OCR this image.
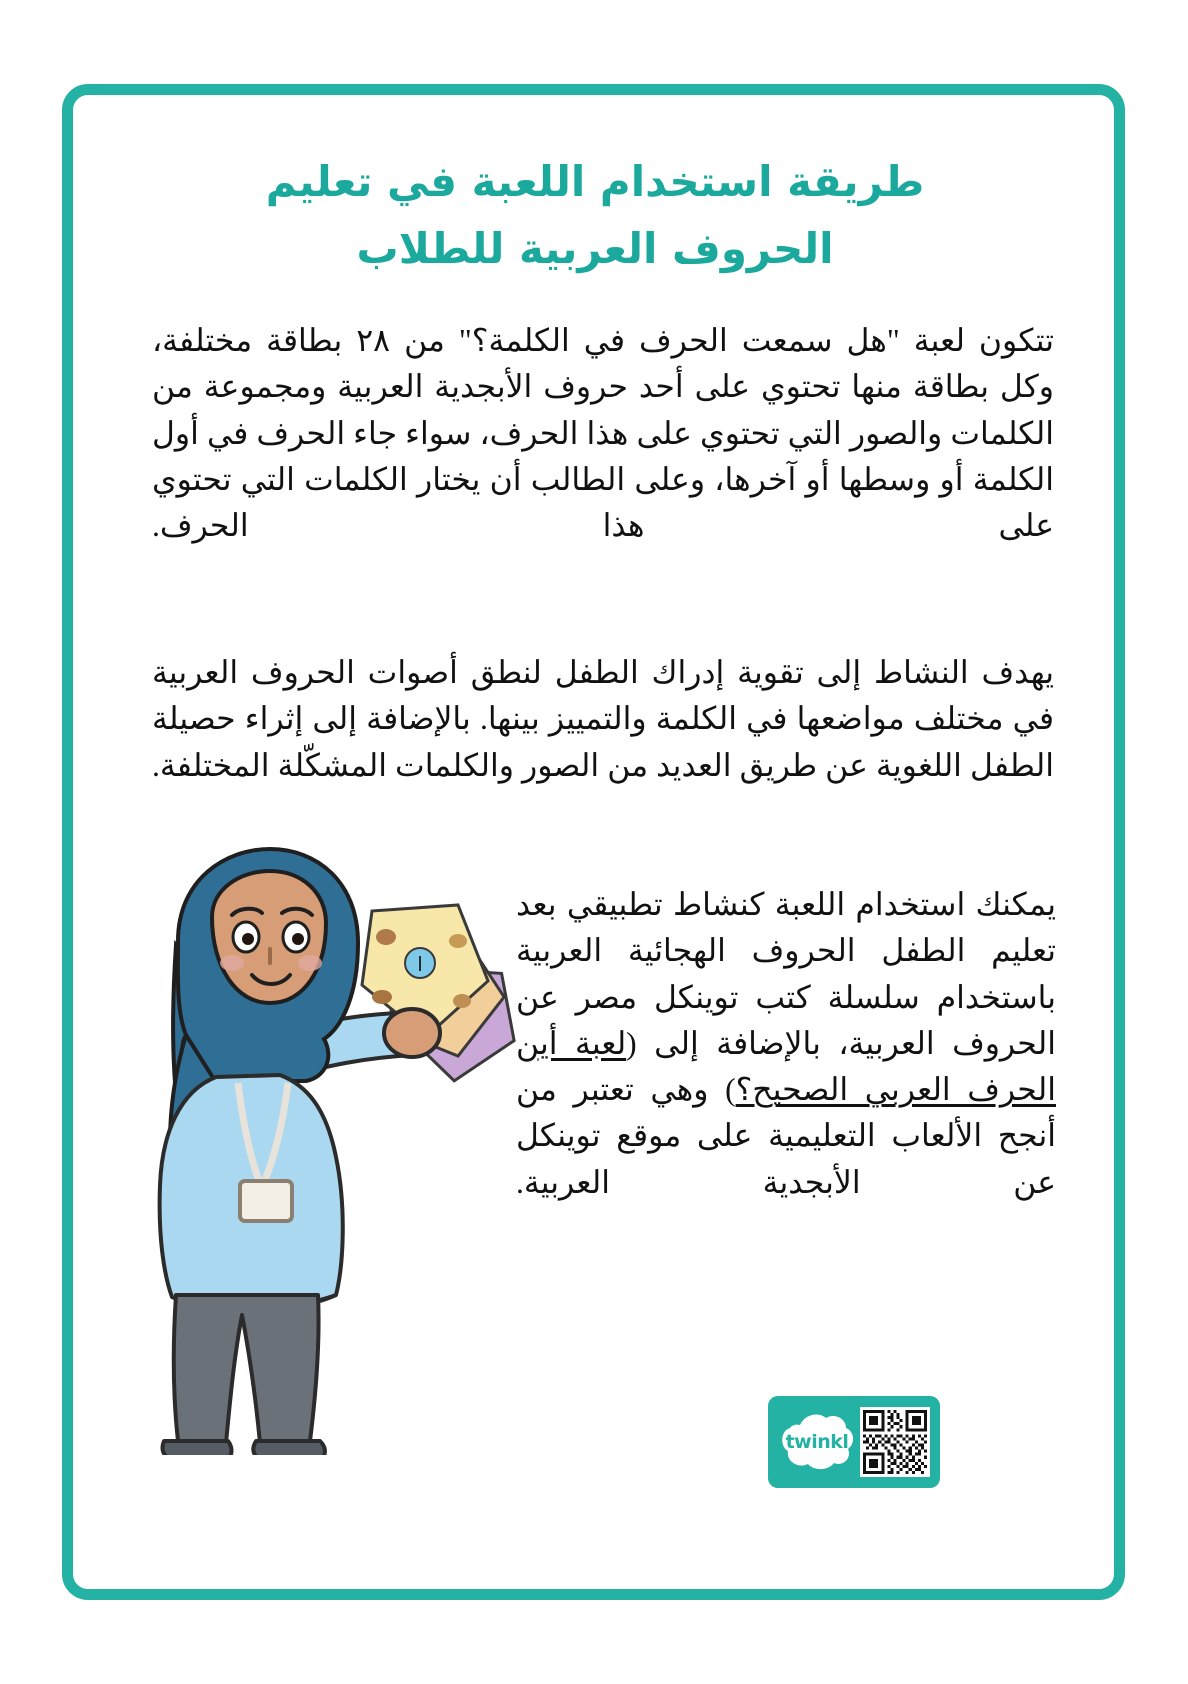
طريقة استخدام اللعبة في تعليم
الحروف العربية للطلاب
تتكون لعبة "هل سمعت الحرف في الكلمة؟" من ٢٨ بطاقة مختلفة، وكل بطاقة منها تحتوي على أحد حروف الأبجدية العربية ومجموعة من الكلمات والصور التي تحتوي على هذا الحرف، سواء جاء الحرف في أول الكلمة أو وسطها أو آخرها، وعلى الطالب أن يختار الكلمات التي تحتوي على هذا الحرف.
يهدف النشاط إلى تقوية إدراك الطفل لنطق أصوات الحروف العربية في مختلف مواضعها في الكلمة والتمييز بينها. بالإضافة إلى إثراء حصيلة الطفل اللغوية عن طريق العديد من الصور والكلمات المشكّلة المختلفة.
يمكنك استخدام اللعبة كنشاط تطبيقي بعد تعليم الطفل الحروف الهجائية العربية باستخدام سلسلة كتب توينكل مصر عن الحروف العربية، بالإضافة إلى (لعبة أين الحرف العربي الصحيح؟) وهي تعتبر من أنجح الألعاب التعليمية على موقع توينكل عن الأبجدية العربية.
ا
twinkl
